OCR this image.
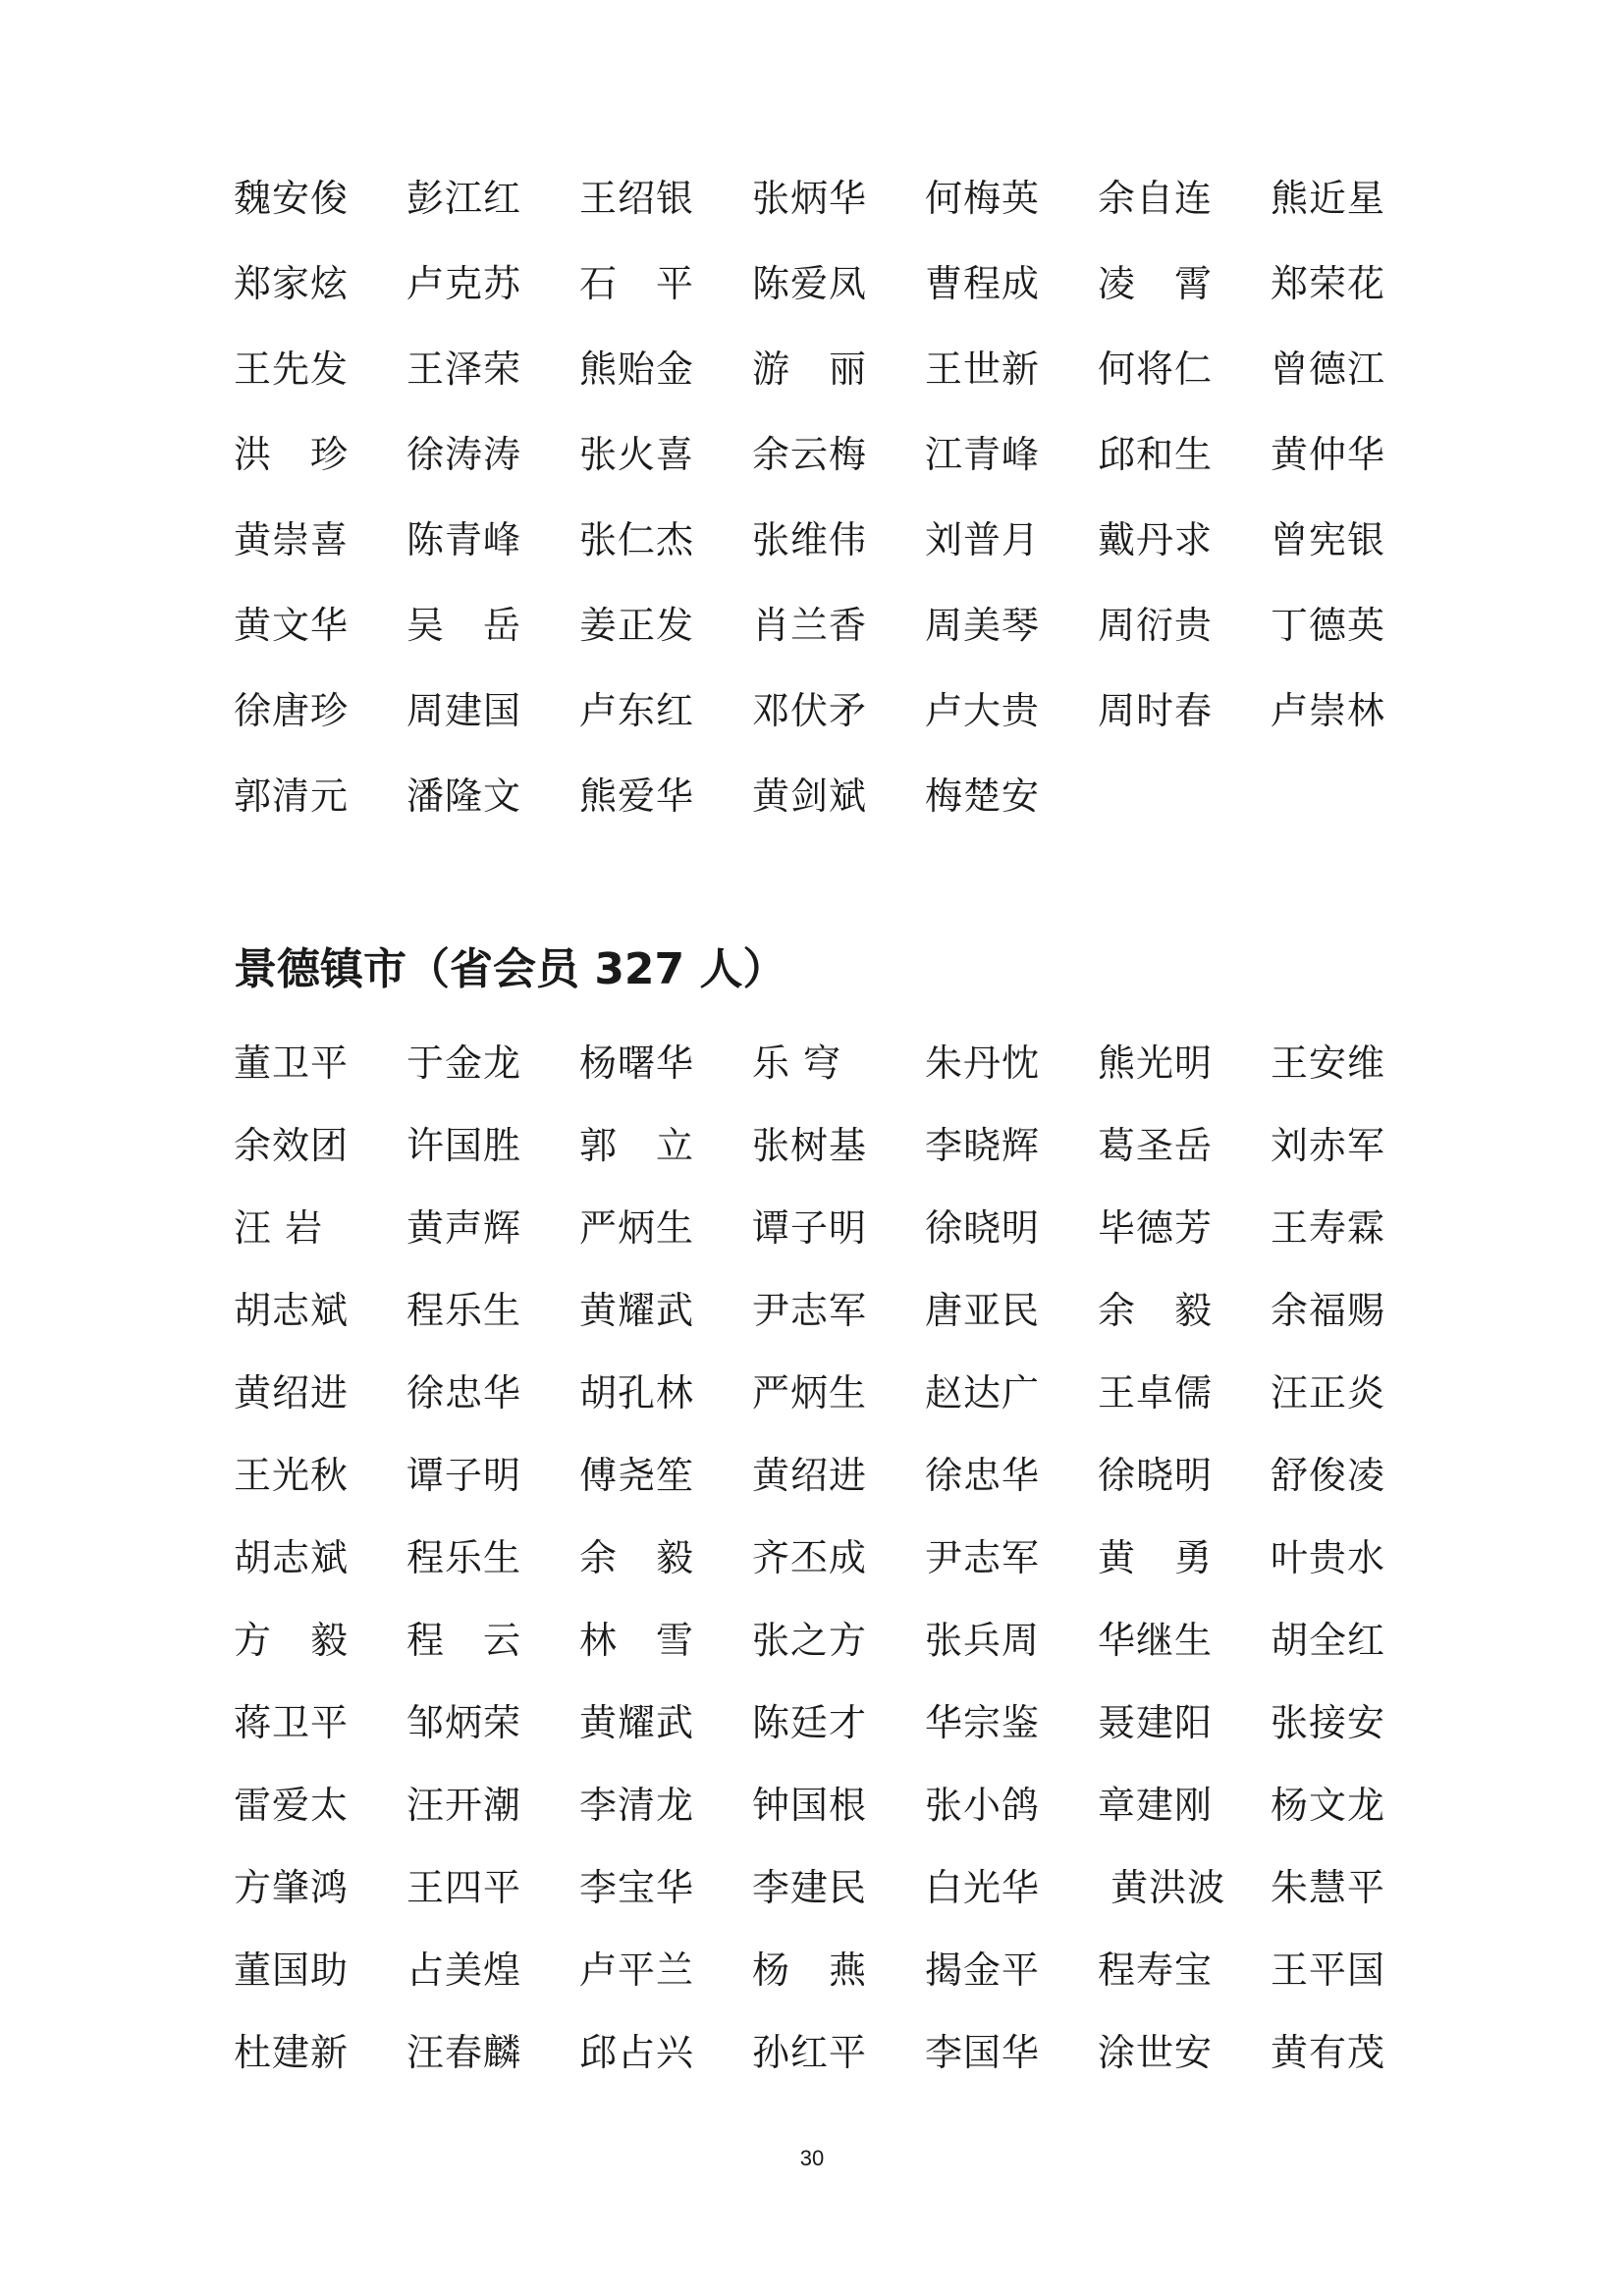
魏安俊	彭江红	王绍银	张炳华	何梅英	余自连	熊近星
郑家炫	卢克苏	石　平	陈爱凤	曹程成	凌　霄	郑荣花
王先发	王泽荣	熊贻金	游　丽	王世新	何将仁	曾德江
洪　珍	徐涛涛	张火喜	余云梅	江青峰	邱和生	黄仲华
黄崇喜	陈青峰	张仁杰	张维伟	刘普月	戴丹求	曾宪银
黄文华	吴　岳	姜正发	肖兰香	周美琴	周衍贵	丁德英
徐唐珍	周建国	卢东红	邓伏矛	卢大贵	周时春	卢崇林
郭清元	潘隆文	熊爱华	黄剑斌	梅楚安
景德镇市（省会员 327 人）
董卫平	于金龙	杨曙华	乐 穹	朱丹忱	熊光明	王安维
余效团	许国胜	郭　立	张树基	李晓辉	葛圣岳	刘赤军
汪 岩	黄声辉	严炳生	谭子明	徐晓明	毕德芳	王寿霖
胡志斌	程乐生	黄耀武	尹志军	唐亚民	余　毅	余福赐
黄绍进	徐忠华	胡孔林	严炳生	赵达广	王卓儒	汪正炎
王光秋	谭子明	傅尧笙	黄绍进	徐忠华	徐晓明	舒俊凌
胡志斌	程乐生	余　毅	齐丕成	尹志军	黄　勇	叶贵水
方　毅	程　云	林　雪	张之方	张兵周	华继生	胡全红
蒋卫平	邹炳荣	黄耀武	陈廷才	华宗鉴	聂建阳	张接安
雷爱太	汪开潮	李清龙	钟国根	张小鸽	章建刚	杨文龙
方肇鸿	王四平	李宝华	李建民	白光华	黄洪波	朱慧平
董国助	占美煌	卢平兰	杨　燕	揭金平	程寿宝	王平国
杜建新	汪春麟	邱占兴	孙红平	李国华	涂世安	黄有茂
30
